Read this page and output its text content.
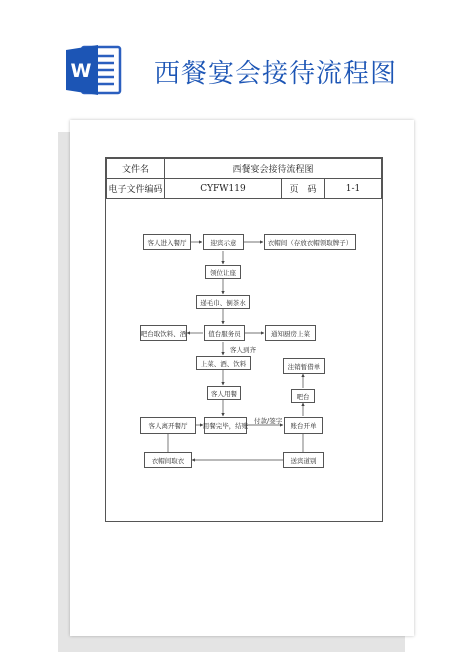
W 西餐宴会接待流程图
文件名	西餐宴会接待流程图		
电子文件编码	CYFW119	页　码	1-1
客人进入餐厅	迎宾示意	衣帽间（存放衣帽领取牌子）
领位让座
递毛巾、倒茶水
吧台取饮料、酒	值台服务员	通知厨房上菜
客人到齐
上菜、酒、饮料
客人用餐
注销暂借单
吧台
客人离开餐厅	用餐完毕，结账
付款/签字
账台开单
衣帽间取衣	送宾道别
